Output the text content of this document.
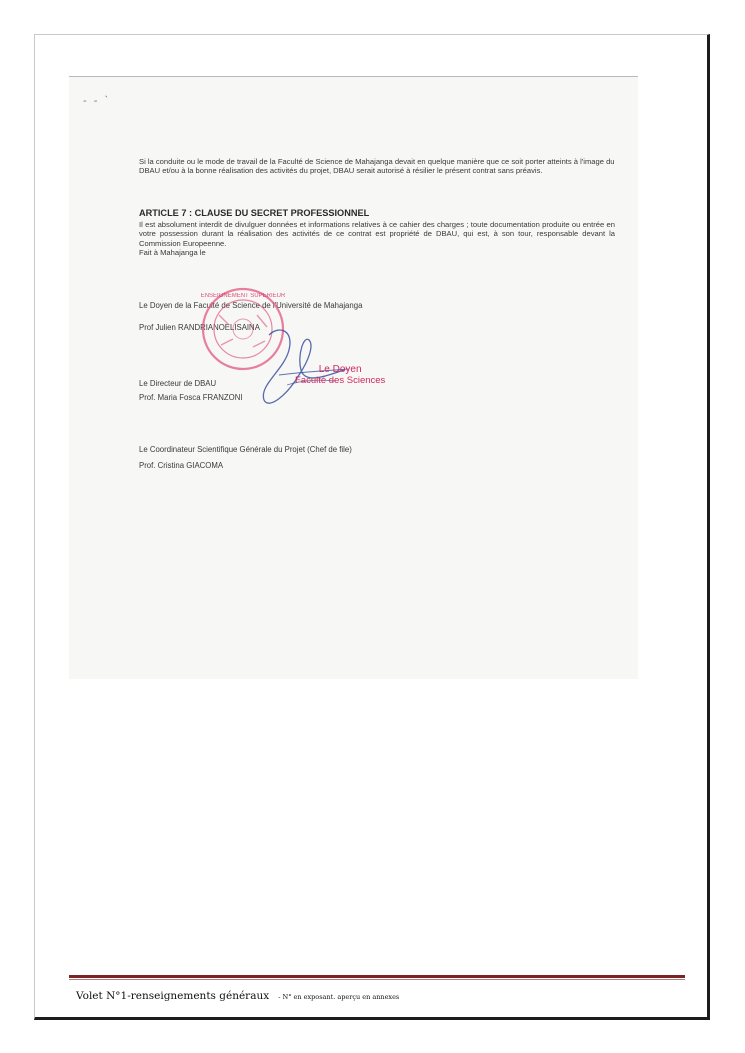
- - `
Si la conduite ou le mode de travail de la Faculté de Science de Mahajanga devait en quelque manière que ce soit porter atteints à l'image du DBAU et/ou à la bonne réalisation des activités du projet, DBAU serait autorisé à résilier le présent contrat sans préavis.
ARTICLE 7 : CLAUSE DU SECRET PROFESSIONNEL
Il est absolument interdit de divulguer données et informations relatives à ce cahier des charges ; toute documentation produite ou entrée en votre possession durant la réalisation des activités de ce contrat est propriété de DBAU, qui est, à son tour, responsable devant la Commission Europeenne.
Fait à Mahajanga le
Le Doyen de la Faculté de Science de l'Université de Mahajanga
Prof Julien RANDRIANOELISAINA
ENSEIGNEMENT SUPERIEUR
Le Doyen
Faculté des Sciences
Le Directeur de DBAU
Prof. Maria Fosca FRANZONI
Le Coordinateur Scientifique Générale du Projet (Chef de file)
Prof. Cristina GIACOMA
Volet N°1-renseignements généraux - N° en exposant. aperçu en annexes
